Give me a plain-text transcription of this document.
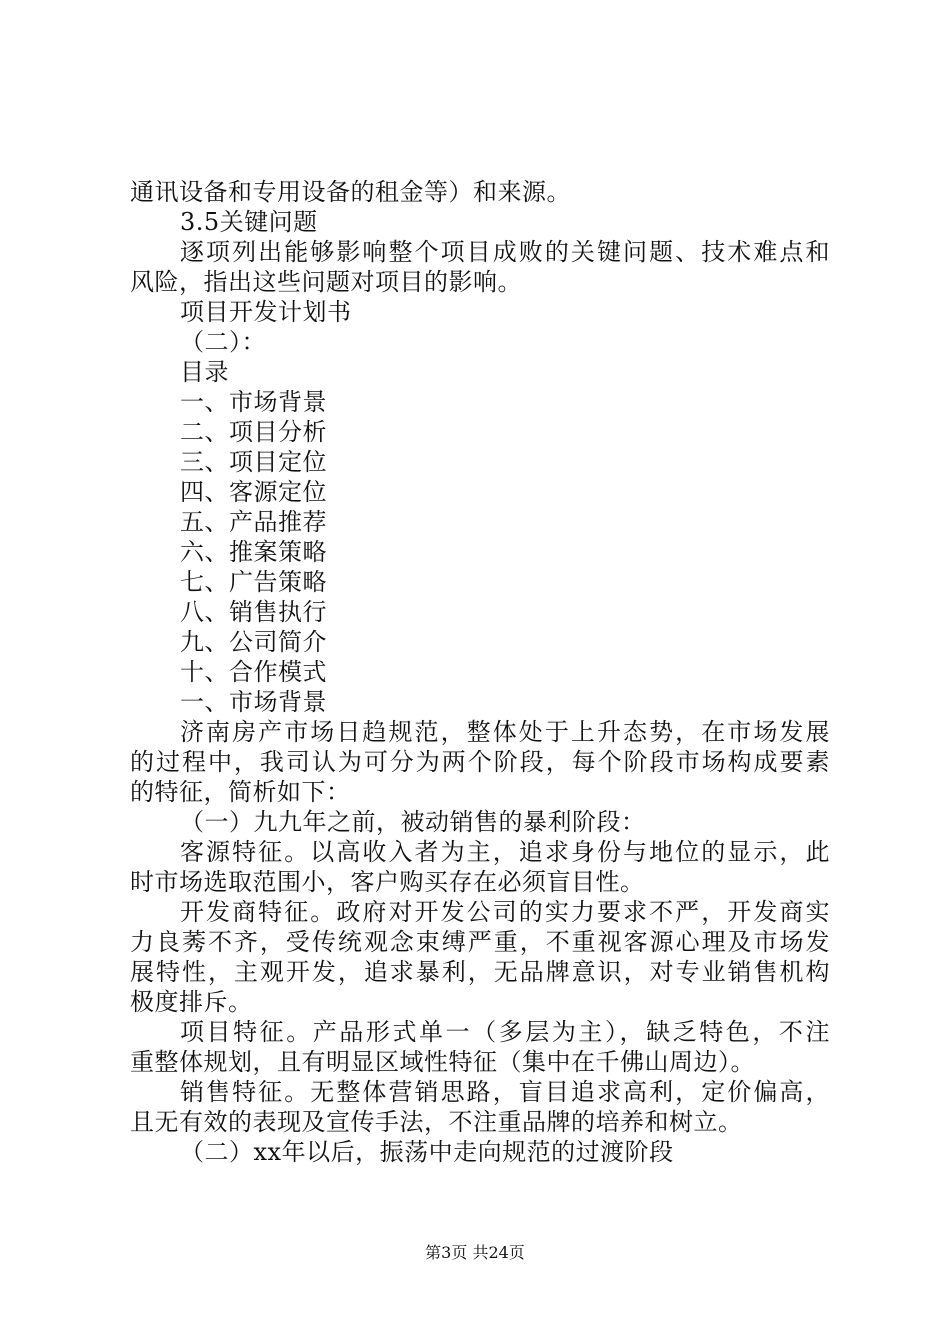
通讯设备和专用设备的租金等）和来源。
3.5关键问题
逐项列出能够影响整个项目成败的关键问题、技术难点和
风险，指出这些问题对项目的影响。
项目开发计划书
（二）：
目录
一、市场背景
二、项目分析
三、项目定位
四、客源定位
五、产品推荐
六、推案策略
七、广告策略
八、销售执行
九、公司简介
十、合作模式
一、市场背景
济南房产市场日趋规范，整体处于上升态势，在市场发展
的过程中，我司认为可分为两个阶段，每个阶段市场构成要素
的特征，简析如下：
（一）九九年之前，被动销售的暴利阶段：
客源特征。以高收入者为主，追求身份与地位的显示，此
时市场选取范围小，客户购买存在必须盲目性。
开发商特征。政府对开发公司的实力要求不严，开发商实
力良莠不齐，受传统观念束缚严重，不重视客源心理及市场发
展特性，主观开发，追求暴利，无品牌意识，对专业销售机构
极度排斥。
项目特征。产品形式单一（多层为主），缺乏特色，不注
重整体规划，且有明显区域性特征（集中在千佛山周边）。
销售特征。无整体营销思路，盲目追求高利，定价偏高，
且无有效的表现及宣传手法，不注重品牌的培养和树立。
（二）xx年以后，振荡中走向规范的过渡阶段
第3页 共24页
